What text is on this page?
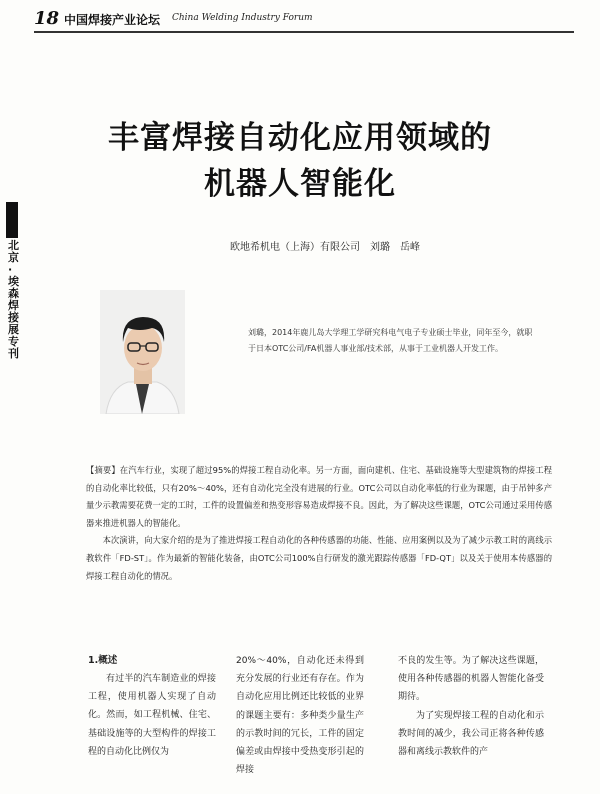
18 中国焊接产业论坛 China Welding Industry Forum
丰富焊接自动化应用领域的
机器人智能化
北京·埃森焊接展专刊
欧地希机电（上海）有限公司　刘璐　岳峰
刘璐，2014年鹿儿岛大学理工学研究科电气电子专业硕士毕业，同年至今，就职于日本OTC公司/FA机器人事业部/技术部，从事于工业机器人开发工作。

【摘要】在汽车行业，实现了超过95%的焊接工程自动化率。另一方面，面向建机、住宅、基础设施等大型建筑物的焊接工程的自动化率比较低，只有20%～40%，还有自动化完全没有进展的行业。OTC公司以自动化率低的行业为课题，由于吊钟多产量少示教需要花费一定的工时，工件的设置偏差和热变形容易造成焊接不良。因此，为了解决这些课题，OTC公司通过采用传感器来推进机器人的智能化。

本次演讲，向大家介绍的是为了推进焊接工程自动化的各种传感器的功能、性能、应用案例以及为了减少示教工时的离线示教软件「FD-ST」。作为最新的智能化装备，由OTC公司100%自行研发的激光跟踪传感器「FD-QT」以及关于使用本传感器的焊接工程自动化的情况。

1.概述

有过半的汽车制造业的焊接工程，使用机器人实现了自动化。然而，如工程机械、住宅、基础设施等的大型构件的焊接工程的自动化比例仅为

20%～40%，自动化还未得到充分发展的行业还有存在。作为自动化应用比例还比较低的业界的课题主要有：多种类少量生产的示教时间的冗长，工件的固定偏差或由焊接中受热变形引起的焊接

不良的发生等。为了解决这些课题，使用各种传感器的机器人智能化备受期待。

为了实现焊接工程的自动化和示教时间的减少，我公司正将各种传感器和离线示教软件的产
